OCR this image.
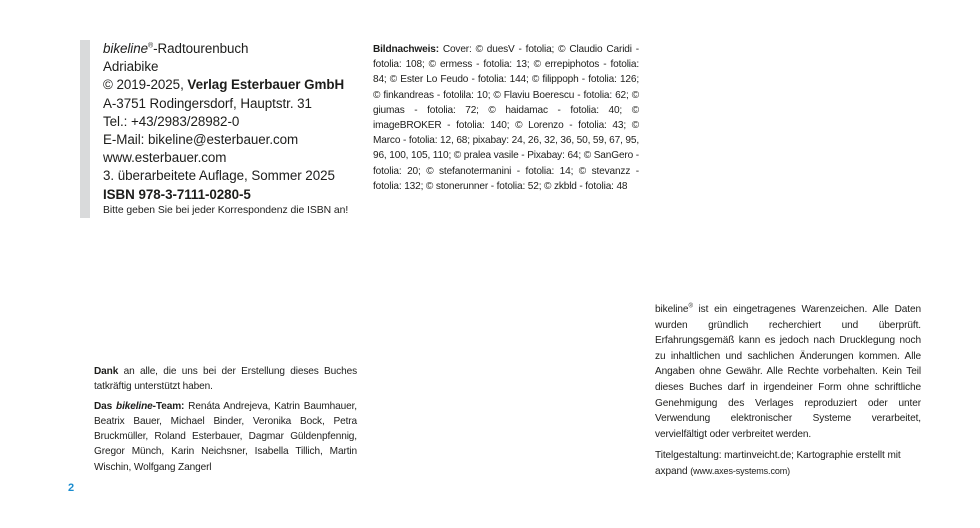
bikeline®-Radtourenbuch
Adriabike
© 2019-2025, Verlag Esterbauer GmbH
A-3751 Rodingersdorf, Hauptstr. 31
Tel.: +43/2983/28982-0
E-Mail: bikeline@esterbauer.com
www.esterbauer.com
3. überarbeitete Auflage, Sommer 2025
ISBN 978-3-7111-0280-5
Bitte geben Sie bei jeder Korrespondenz die ISBN an!
Bildnachweis: Cover: © duesV - fotolia; © Claudio Caridi - fotolia: 108; © ermess - fotolia: 13; © errepiphotos - fotolia: 84; © Ester Lo Feudo - fotolia: 144; © filippoph - fotolia: 126; © finkandreas - fotolila: 10; © Flaviu Boerescu - fotolia: 62; © giumas - fotolia: 72; © haidamac - fotolia: 40; © imageBROKER - fotolia: 140; © Lorenzo - fotolia: 43; © Marco - fotolia: 12, 68; pixabay: 24, 26, 32, 36, 50, 59, 67, 95, 96, 100, 105, 110; © pralea vasile - Pixabay: 64; © SanGero - fotolia: 20; © stefanotermanini - fotolia: 14; © stevanzz - fotolia: 132; © stonerunner - fotolia: 52; © zkbld - fotolia: 48

Dank an alle, die uns bei der Erstellung dieses Buches tatkräftig unterstützt haben.

Das bikeline-Team: Renáta Andrejeva, Katrin Baumhauer, Beatrix Bauer, Michael Binder, Veronika Bock, Petra Bruckmüller, Roland Esterbauer, Dagmar Güldenpfennig, Gregor Münch, Karin Neichsner, Isabella Tillich, Martin Wischin, Wolfgang Zangerl

bikeline® ist ein eingetragenes Warenzeichen. Alle Daten wurden gründlich recherchiert und überprüft. Erfahrungsgemäß kann es jedoch nach Drucklegung noch zu inhaltlichen und sachlichen Änderungen kommen. Alle Angaben ohne Gewähr. Alle Rechte vorbehalten. Kein Teil dieses Buches darf in irgendeiner Form ohne schriftliche Genehmigung des Verlages reproduziert oder unter Verwendung elektronischer Systeme verarbeitet, vervielfältigt oder verbreitet werden.

Titelgestaltung: martinveicht.de; Kartographie erstellt mit axpand (www.axes-systems.com)

2
